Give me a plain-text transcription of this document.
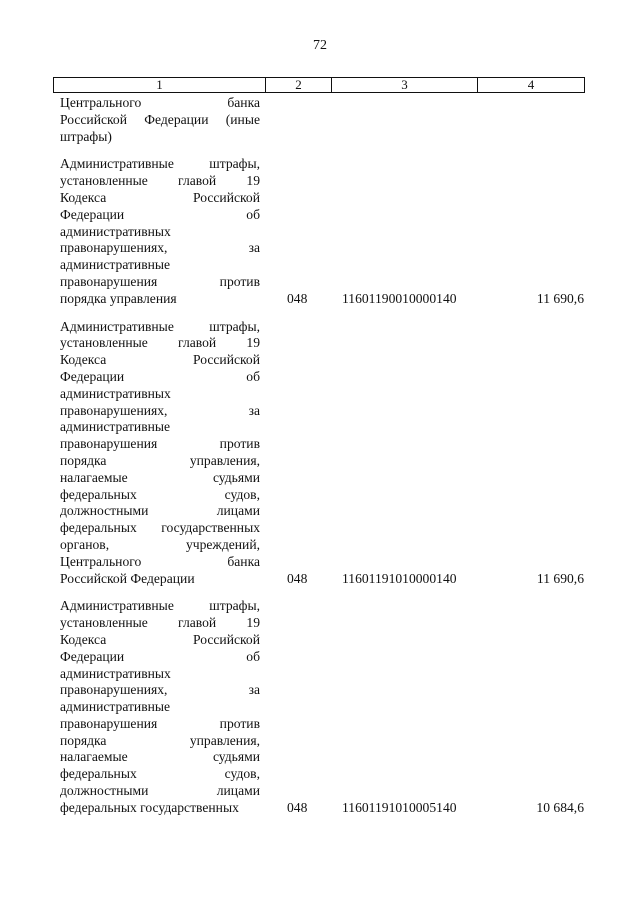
72
1	2	3	4
Центрального банка
Российской Федерации (иные
штрафы)
Административные штрафы,
установленные главой 19
Кодекса Российской
Федерации об
административных
правонарушениях, за
административные
правонарушения против
порядка управления	048	11601190010000140	11 690,6
Административные штрафы,
установленные главой 19
Кодекса Российской
Федерации об
административных
правонарушениях, за
административные
правонарушения против
порядка управления,
налагаемые судьями
федеральных судов,
должностными лицами
федеральных государственных
органов, учреждений,
Центрального банка
Российской Федерации	048	11601191010000140	11 690,6
Административные штрафы,
установленные главой 19
Кодекса Российской
Федерации об
административных
правонарушениях, за
административные
правонарушения против
порядка управления,
налагаемые судьями
федеральных судов,
должностными лицами
федеральных государственных	048	11601191010005140	10 684,6
